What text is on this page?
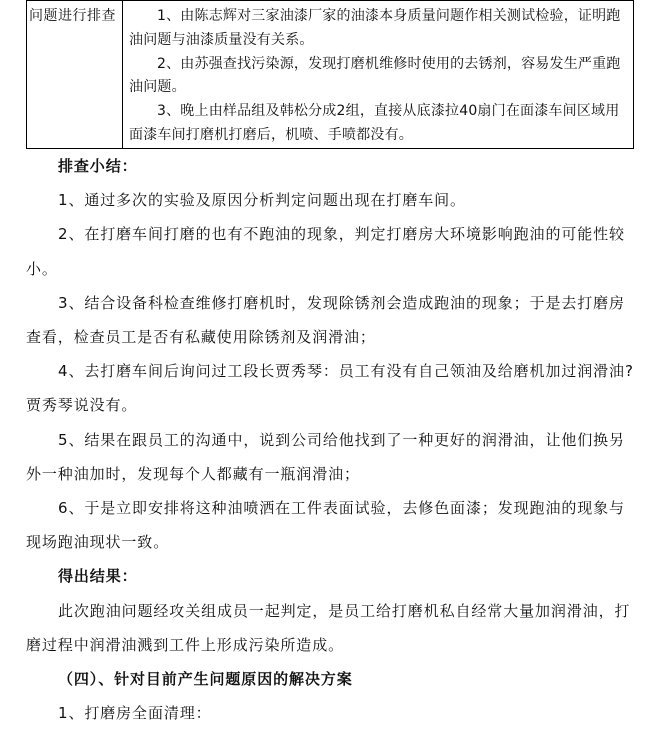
问题进行排查	1、由陈志辉对三家油漆厂家的油漆本身质量问题作相关测试检验，证明跑油问题与油漆质量没有关系。

2、由苏强查找污染源，发现打磨机维修时使用的去锈剂，容易发生严重跑油问题。

3、晚上由样品组及韩松分成2组，直接从底漆拉40扇门在面漆车间区域用面漆车间打磨机打磨后，机喷、手喷都没有。

排查小结：

1、通过多次的实验及原因分析判定问题出现在打磨车间。

2、在打磨车间打磨的也有不跑油的现象，判定打磨房大环境影响跑油的可能性较小。

3、结合设备科检查维修打磨机时，发现除锈剂会造成跑油的现象；于是去打磨房查看，检查员工是否有私藏使用除锈剂及润滑油；

4、去打磨车间后询问过工段长贾秀琴：员工有没有自己领油及给磨机加过润滑油?贾秀琴说没有。

5、结果在跟员工的沟通中，说到公司给他找到了一种更好的润滑油，让他们换另外一种油加时，发现每个人都藏有一瓶润滑油；

6、于是立即安排将这种油喷洒在工件表面试验，去修色面漆；发现跑油的现象与现场跑油现状一致。

得出结果：

此次跑油问题经攻关组成员一起判定，是员工给打磨机私自经常大量加润滑油，打磨过程中润滑油溅到工件上形成污染所造成。

（四）、针对目前产生问题原因的解决方案

1、打磨房全面清理：
